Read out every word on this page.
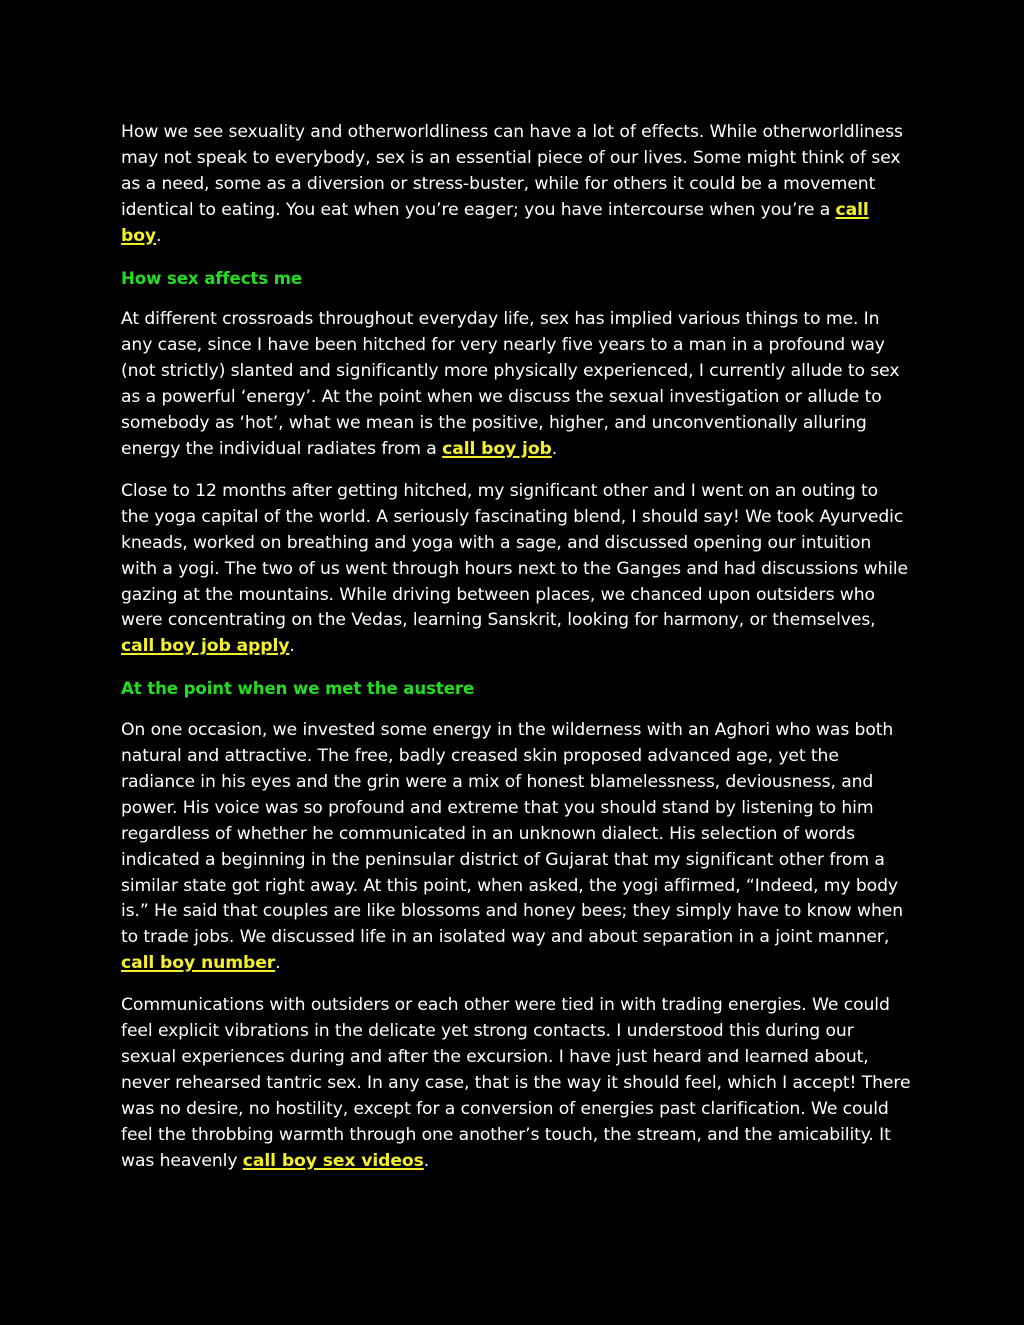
How we see sexuality and otherworldliness can have a lot of effects. While otherworldliness may not speak to everybody, sex is an essential piece of our lives. Some might think of sex as a need, some as a diversion or stress-buster, while for others it could be a movement identical to eating. You eat when you’re eager; you have intercourse when you’re a call boy.

How sex affects me

At different crossroads throughout everyday life, sex has implied various things to me. In any case, since I have been hitched for very nearly five years to a man in a profound way (not strictly) slanted and significantly more physically experienced, I currently allude to sex as a powerful ‘energy’. At the point when we discuss the sexual investigation or allude to somebody as ‘hot’, what we mean is the positive, higher, and unconventionally alluring energy the individual radiates from a call boy job.

Close to 12 months after getting hitched, my significant other and I went on an outing to the yoga capital of the world. A seriously fascinating blend, I should say! We took Ayurvedic kneads, worked on breathing and yoga with a sage, and discussed opening our intuition with a yogi. The two of us went through hours next to the Ganges and had discussions while gazing at the mountains. While driving between places, we chanced upon outsiders who were concentrating on the Vedas, learning Sanskrit, looking for harmony, or themselves, call boy job apply.

At the point when we met the austere

On one occasion, we invested some energy in the wilderness with an Aghori who was both natural and attractive. The free, badly creased skin proposed advanced age, yet the radiance in his eyes and the grin were a mix of honest blamelessness, deviousness, and power. His voice was so profound and extreme that you should stand by listening to him regardless of whether he communicated in an unknown dialect. His selection of words indicated a beginning in the peninsular district of Gujarat that my significant other from a similar state got right away. At this point, when asked, the yogi affirmed, “Indeed, my body is.” He said that couples are like blossoms and honey bees; they simply have to know when to trade jobs. We discussed life in an isolated way and about separation in a joint manner, call boy number.

Communications with outsiders or each other were tied in with trading energies. We could feel explicit vibrations in the delicate yet strong contacts. I understood this during our sexual experiences during and after the excursion. I have just heard and learned about, never rehearsed tantric sex. In any case, that is the way it should feel, which I accept! There was no desire, no hostility, except for a conversion of energies past clarification. We could feel the throbbing warmth through one another’s touch, the stream, and the amicability. It was heavenly call boy sex videos.
